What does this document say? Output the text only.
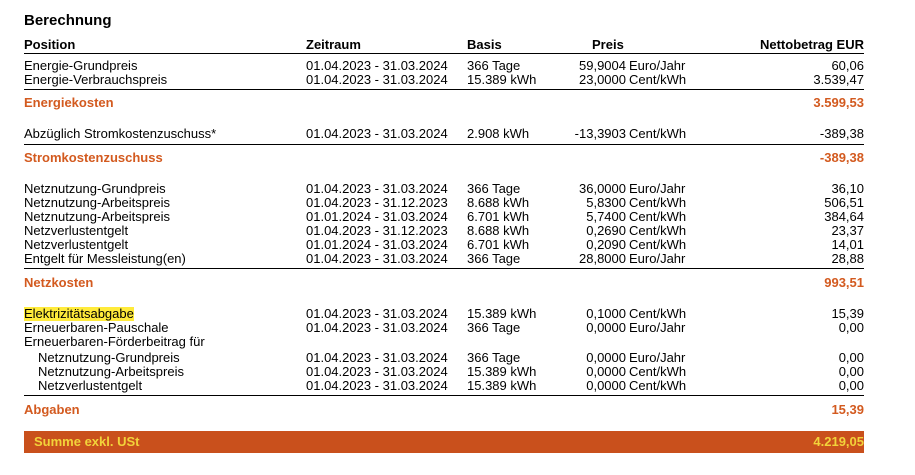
Berechnung
Position	Zeitraum	Basis	Preis	Nettobetrag EUR
Energie-Grundpreis	01.04.2023 - 31.03.2024 366 Tage	59,9004 Euro/Jahr	60,06
Energie-Verbrauchspreis	01.04.2023 - 31.03.2024 15.389 kWh	23,0000 Cent/kWh	3.539,47
Energiekosten	3.599,53
Abzüglich Stromkostenzuschuss*	01.04.2023 - 31.03.2024 2.908 kWh	-13,3903 Cent/kWh	-389,38
Stromkostenzuschuss	-389,38
Netznutzung-Grundpreis	01.04.2023 - 31.03.2024 366 Tage	36,0000 Euro/Jahr	36,10
Netznutzung-Arbeitspreis	01.04.2023 - 31.12.2023 8.688 kWh	5,8300 Cent/kWh	506,51
Netznutzung-Arbeitspreis	01.01.2024 - 31.03.2024 6.701 kWh	5,7400 Cent/kWh	384,64
Netzverlustentgelt	01.04.2023 - 31.12.2023 8.688 kWh	0,2690 Cent/kWh	23,37
Netzverlustentgelt	01.01.2024 - 31.03.2024 6.701 kWh	0,2090 Cent/kWh	14,01
Entgelt für Messleistung(en)	01.04.2023 - 31.03.2024 366 Tage	28,8000 Euro/Jahr	28,88
Netzkosten	993,51
Elektrizitätsabgabe	01.04.2023 - 31.03.2024 15.389 kWh	0,1000 Cent/kWh	15,39
Erneuerbaren-Pauschale	01.04.2023 - 31.03.2024 366 Tage	0,0000 Euro/Jahr	0,00
Erneuerbaren-Förderbeitrag für
Netznutzung-Grundpreis	01.04.2023 - 31.03.2024 366 Tage	0,0000 Euro/Jahr	0,00
Netznutzung-Arbeitspreis	01.04.2023 - 31.03.2024 15.389 kWh	0,0000 Cent/kWh	0,00
Netzverlustentgelt	01.04.2023 - 31.03.2024 15.389 kWh	0,0000 Cent/kWh	0,00
Abgaben	15,39
Summe exkl. USt	4.219,05
